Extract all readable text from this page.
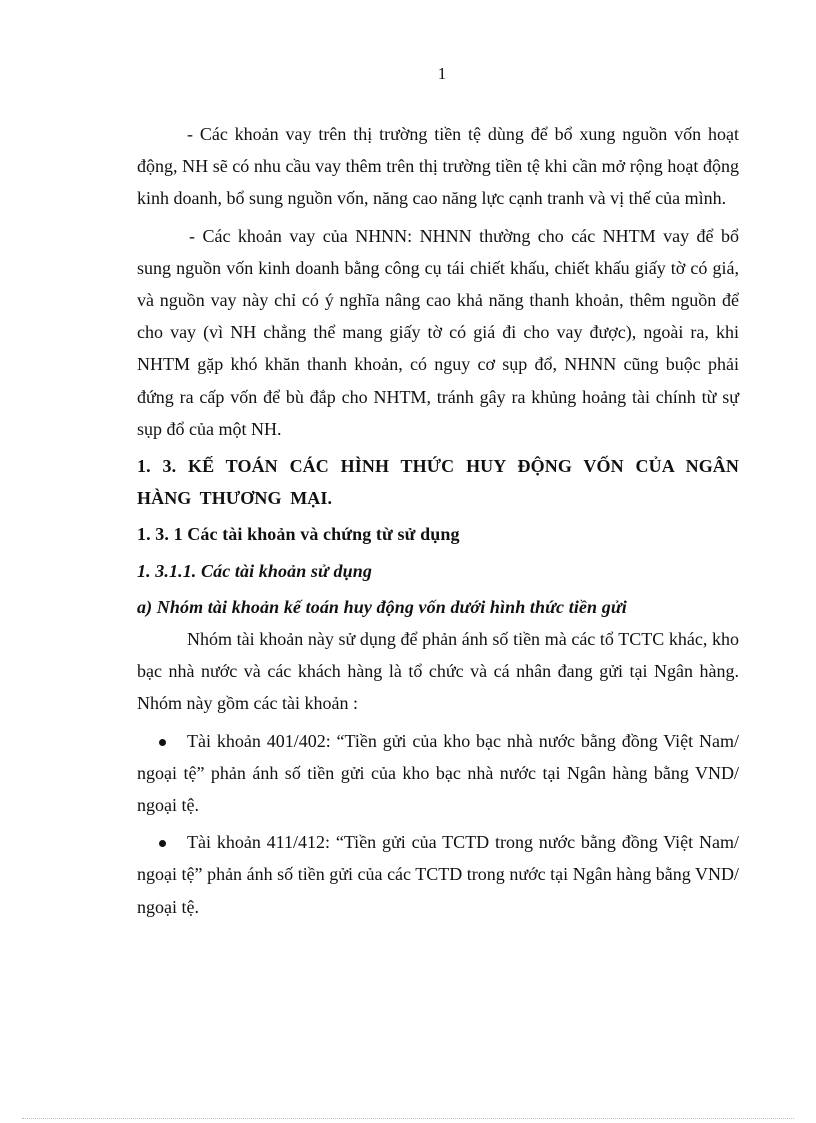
1

- Các khoản vay trên thị trường tiền tệ dùng để bổ xung nguồn vốn hoạt động, NH sẽ có nhu cầu vay thêm trên thị trường tiền tệ khi cần mở rộng hoạt động kinh doanh, bổ sung nguồn vốn, năng cao năng lực cạnh tranh và vị thế của mình.

- Các khoản vay của NHNN: NHNN thường cho các NHTM vay để bổ sung nguồn vốn kinh doanh bằng công cụ tái chiết khấu, chiết khấu giấy tờ có giá, và nguồn vay này chỉ có ý nghĩa nâng cao khả năng thanh khoản, thêm nguồn để cho vay (vì NH chẳng thể mang giấy tờ có giá đi cho vay được), ngoài ra, khi NHTM gặp khó khăn thanh khoản, có nguy cơ sụp đổ, NHNN cũng buộc phải đứng ra cấp vốn để bù đắp cho NHTM, tránh gây ra khủng hoảng tài chính từ sự sụp đổ của một NH.

1. 3. KẾ TOÁN CÁC HÌNH THỨC HUY ĐỘNG VỐN CỦA NGÂN HÀNG THƯƠNG MẠI.

1. 3. 1 Các tài khoản và chứng từ sử dụng

1. 3.1.1. Các tài khoản sử dụng

a) Nhóm tài khoản kế toán huy động vốn dưới hình thức tiền gửi

Nhóm tài khoản này sử dụng để phản ánh số tiền mà các tổ TCTC khác, kho bạc nhà nước và các khách hàng là tổ chức và cá nhân đang gửi tại Ngân hàng. Nhóm này gồm các tài khoản :

Tài khoản 401/402: “Tiền gửi của kho bạc nhà nước bằng đồng Việt Nam/ ngoại tệ” phản ánh số tiền gửi của kho bạc nhà nước tại Ngân hàng bằng VND/ ngoại tệ.
Tài khoản 411/412: “Tiền gửi của TCTD trong nước bằng đồng Việt Nam/ ngoại tệ” phản ánh số tiền gửi của các TCTD trong nước tại Ngân hàng bằng VND/ ngoại tệ.
